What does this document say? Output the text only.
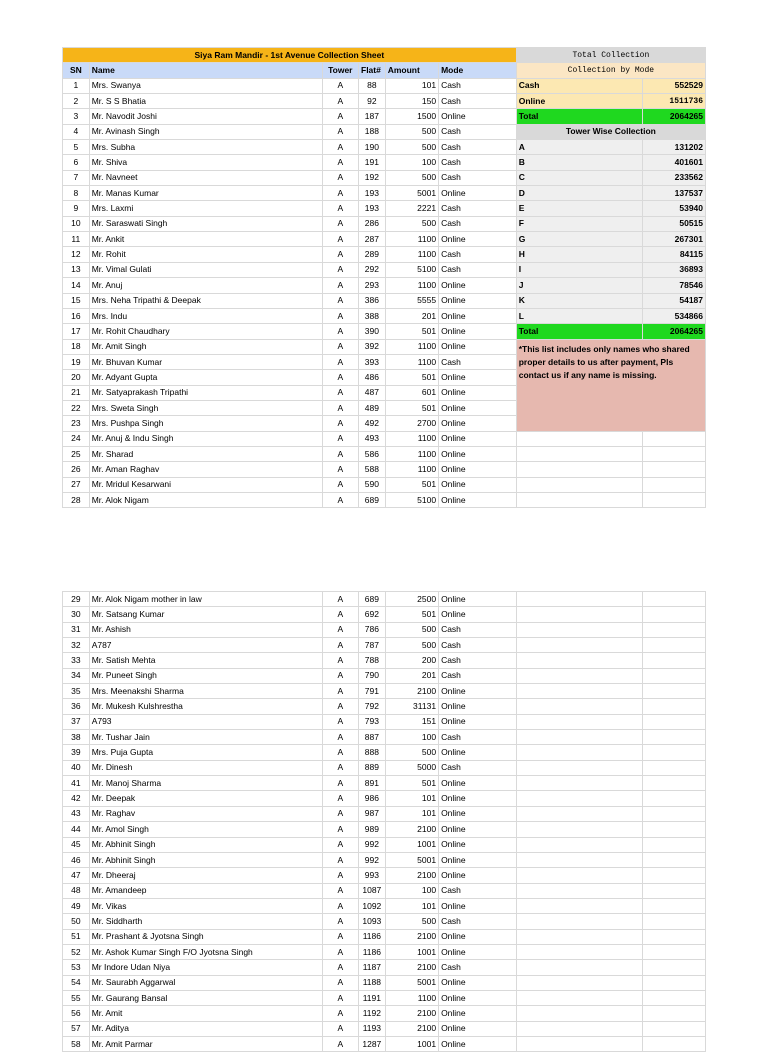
Siya Ram Mandir - 1st Avenue Collection Sheet						Total Collection	
SN	Name	Tower	Flat#	Amount	Mode	Collection by Mode	
1	Mrs. Swanya	A	88	101	Cash	Cash	552529
2	Mr. S S Bhatia	A	92	150	Cash	Online	1511736
3	Mr. Navodit Joshi	A	187	1500	Online	Total	2064265
4	Mr. Avinash Singh	A	188	500	Cash	Tower Wise Collection	
5	Mrs. Subha	A	190	500	Cash	A	131202
6	Mr. Shiva	A	191	100	Cash	B	401601
7	Mr. Navneet	A	192	500	Cash	C	233562
8	Mr. Manas Kumar	A	193	5001	Online	D	137537
9	Mrs. Laxmi	A	193	2221	Cash	E	53940
10	Mr. Saraswati Singh	A	286	500	Cash	F	50515
11	Mr. Ankit	A	287	1100	Online	G	267301
12	Mr. Rohit	A	289	1100	Cash	H	84115
13	Mr. Vimal Gulati	A	292	5100	Cash	I	36893
14	Mr. Anuj	A	293	1100	Online	J	78546
15	Mrs. Neha Tripathi & Deepak	A	386	5555	Online	K	54187
16	Mrs. Indu	A	388	201	Online	L	534866
17	Mr. Rohit Chaudhary	A	390	501	Online	Total	2064265
18	Mr. Amit Singh	A	392	1100	Online	*This list includes only names who shared proper details to us after payment, Pls contact us if any name is missing.	
19	Mr. Bhuvan Kumar	A	393	1100	Cash		
20	Mr. Adyant Gupta	A	486	501	Online		
21	Mr. Satyaprakash Tripathi	A	487	601	Online		
22	Mrs. Sweta Singh	A	489	501	Online		
23	Mrs. Pushpa Singh	A	492	2700	Online		
24	Mr. Anuj & Indu Singh	A	493	1100	Online		
25	Mr. Sharad	A	586	1100	Online		
26	Mr. Aman Raghav	A	588	1100	Online		
27	Mr. Mridul Kesarwani	A	590	501	Online		
28	Mr. Alok Nigam	A	689	5100	Online		
29	Mr. Alok Nigam mother in law	A	689	2500	Online		
30	Mr. Satsang Kumar	A	692	501	Online		
31	Mr. Ashish	A	786	500	Cash		
32	A787	A	787	500	Cash		
33	Mr. Satish Mehta	A	788	200	Cash		
34	Mr. Puneet Singh	A	790	201	Cash		
35	Mrs. Meenakshi Sharma	A	791	2100	Online		
36	Mr. Mukesh Kulshrestha	A	792	31131	Online		
37	A793	A	793	151	Online		
38	Mr. Tushar Jain	A	887	100	Cash		
39	Mrs. Puja Gupta	A	888	500	Online		
40	Mr. Dinesh	A	889	5000	Cash		
41	Mr. Manoj Sharma	A	891	501	Online		
42	Mr. Deepak	A	986	101	Online		
43	Mr. Raghav	A	987	101	Online		
44	Mr. Amol Singh	A	989	2100	Online		
45	Mr. Abhinit Singh	A	992	1001	Online		
46	Mr. Abhinit Singh	A	992	5001	Online		
47	Mr. Dheeraj	A	993	2100	Online		
48	Mr. Amandeep	A	1087	100	Cash		
49	Mr. Vikas	A	1092	101	Online		
50	Mr. Siddharth	A	1093	500	Cash		
51	Mr. Prashant & Jyotsna Singh	A	1186	2100	Online		
52	Mr. Ashok Kumar Singh F/O Jyotsna Singh	A	1186	1001	Online		
53	Mr Indore Udan Niya	A	1187	2100	Cash		
54	Mr. Saurabh Aggarwal	A	1188	5001	Online		
55	Mr. Gaurang Bansal	A	1191	1100	Online		
56	Mr. Amit	A	1192	2100	Online		
57	Mr. Aditya	A	1193	2100	Online		
58	Mr. Amit Parmar	A	1287	1001	Online		
